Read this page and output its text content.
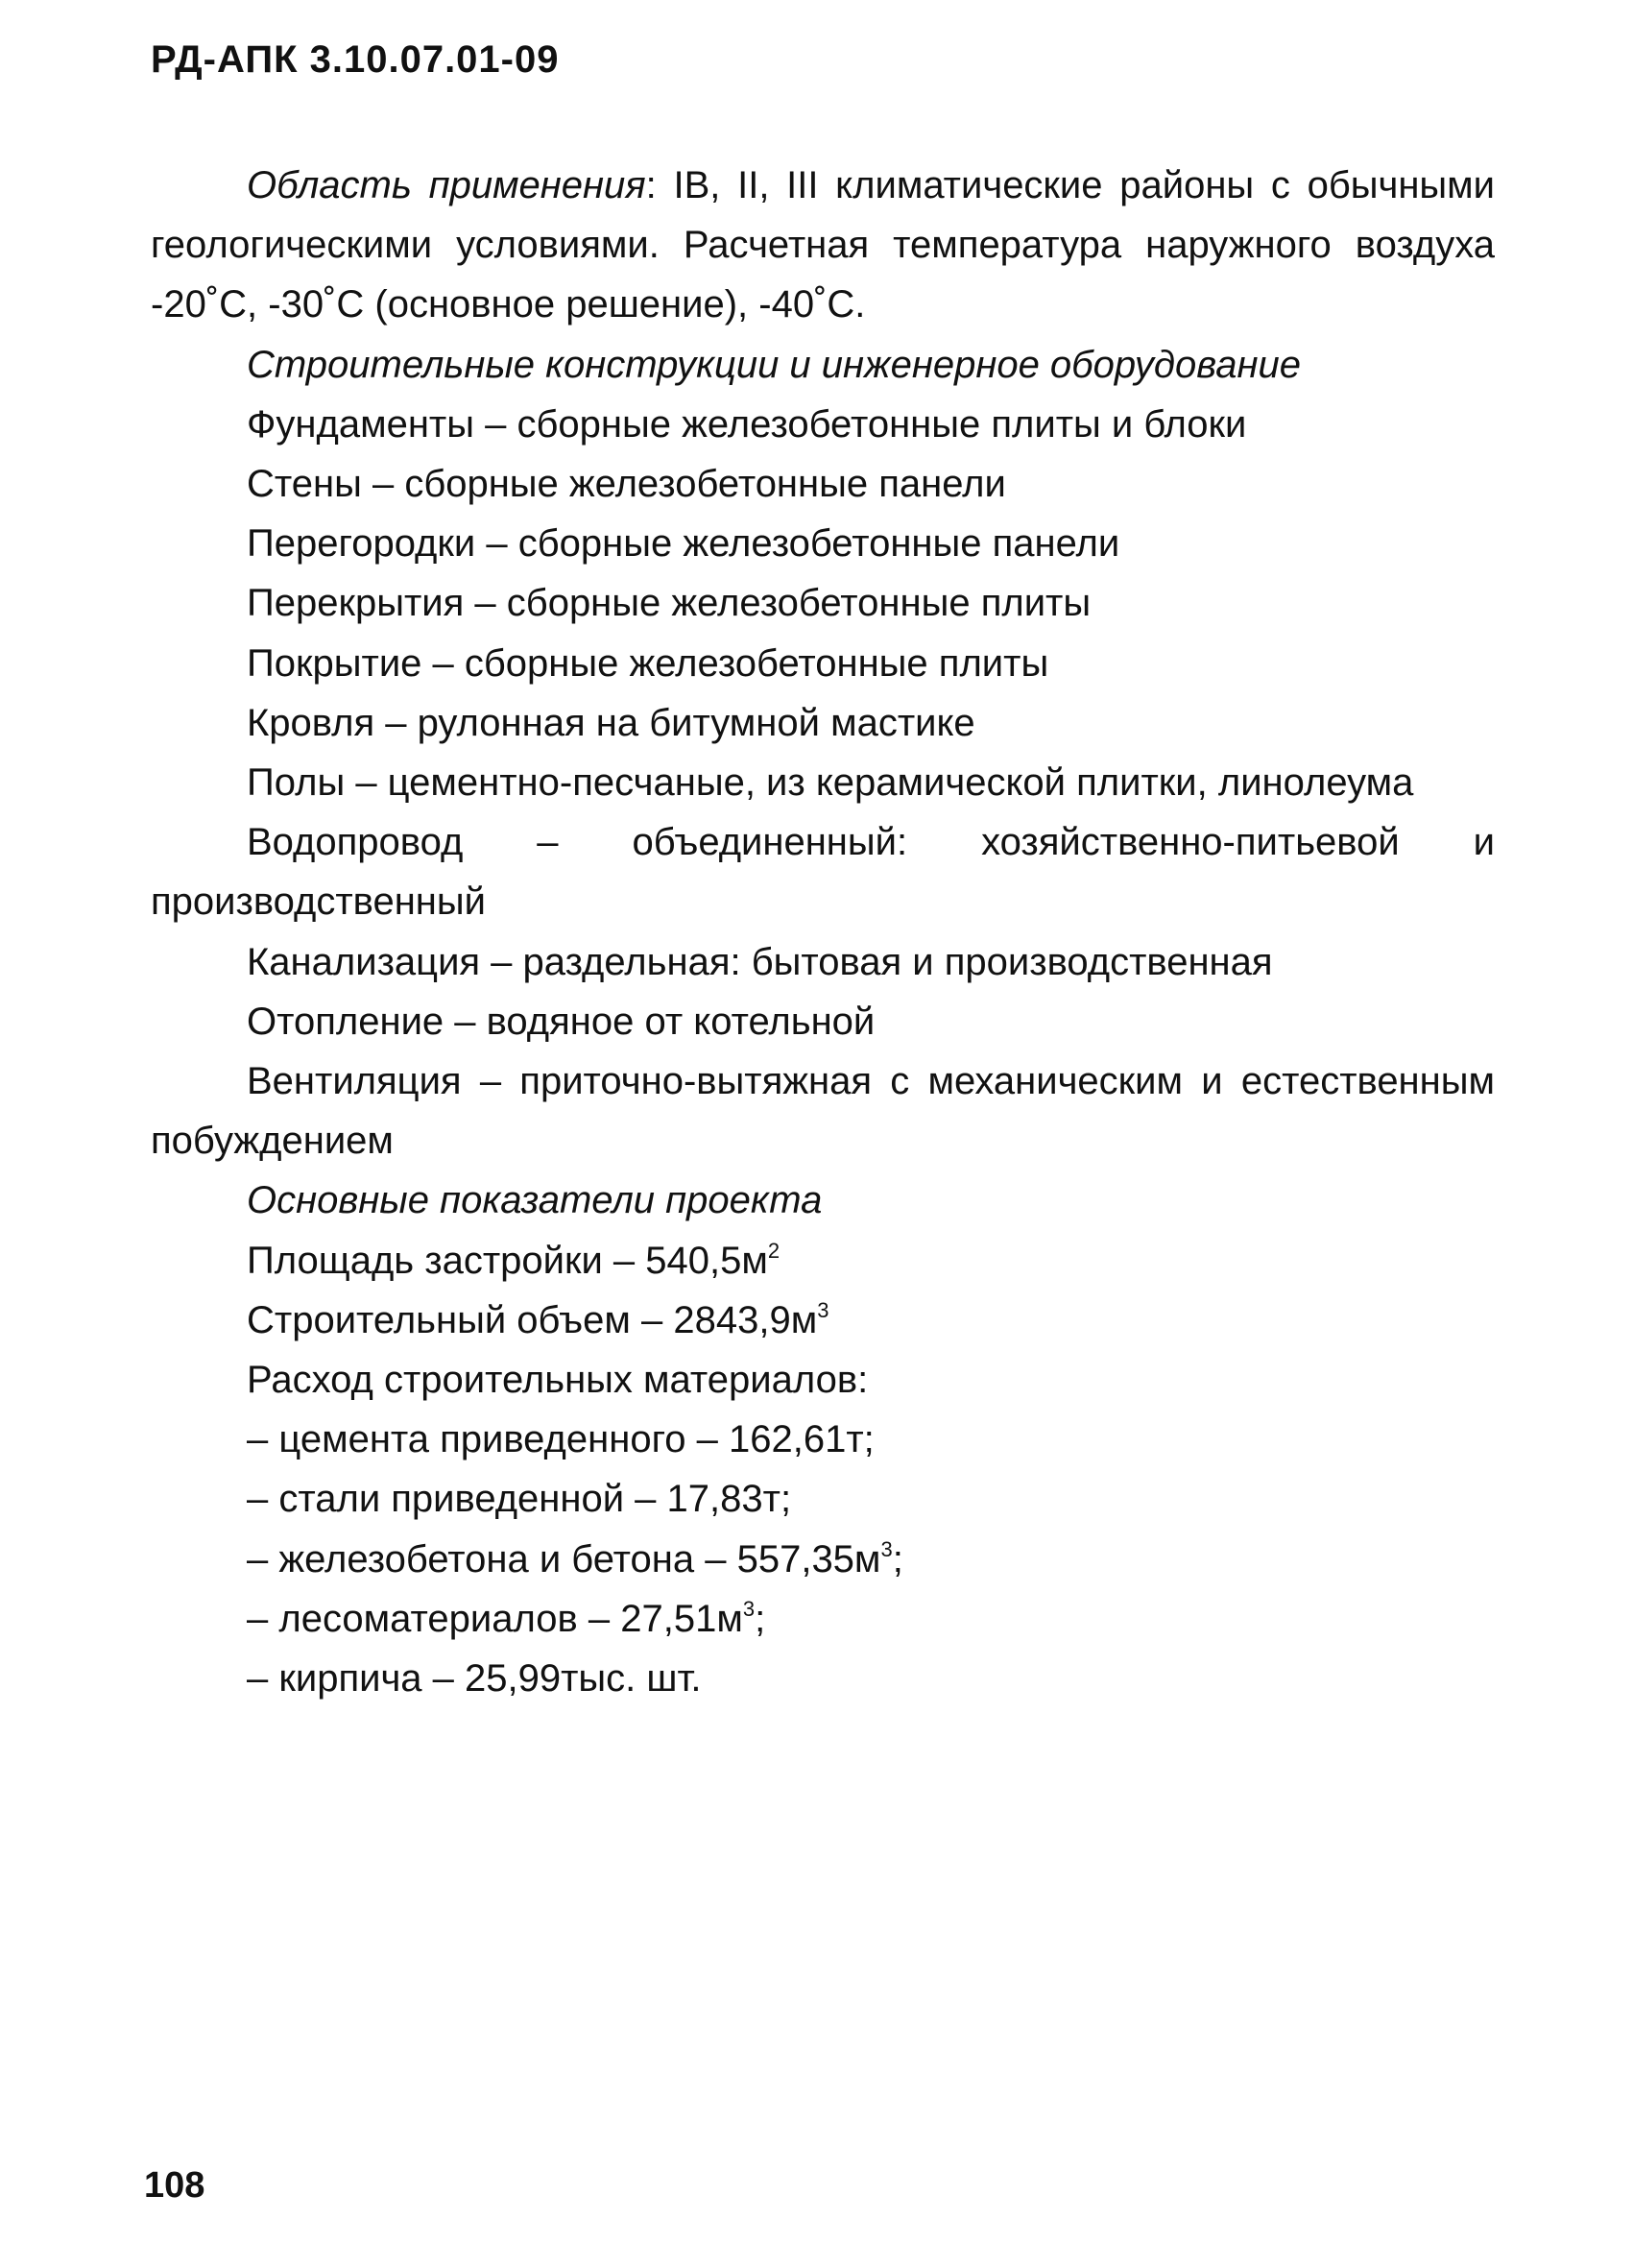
РД-АПК 3.10.07.01-09

Область применения: IB, II, III климатические районы с обычными геологическими условиями. Расчетная температура наружного воздуха -20˚C, -30˚C (основное решение), -40˚C.

Строительные конструкции и инженерное оборудование

Фундаменты – сборные железобетонные плиты и блоки

Стены – сборные железобетонные панели

Перегородки – сборные железобетонные панели

Перекрытия – сборные железобетонные плиты

Покрытие – сборные железобетонные плиты

Кровля – рулонная на битумной мастике

Полы – цементно-песчаные, из керамической плитки, линолеума

Водопровод – объединенный: хозяйственно-питьевой и производственный

Канализация – раздельная: бытовая и производственная

Отопление – водяное от котельной

Вентиляция – приточно-вытяжная с механическим и естественным побуждением

Основные показатели проекта

Площадь застройки – $540,5м^2$

Строительный объем – $2843,9м^3$

Расход строительных материалов:

– цемента приведенного – 162,61т;

– стали приведенной – 17,83т;

– железобетона и бетона – $557,35м^3$;

– лесоматериалов – $27,51м^3$;

– кирпича – 25,99тыс. шт.

108
